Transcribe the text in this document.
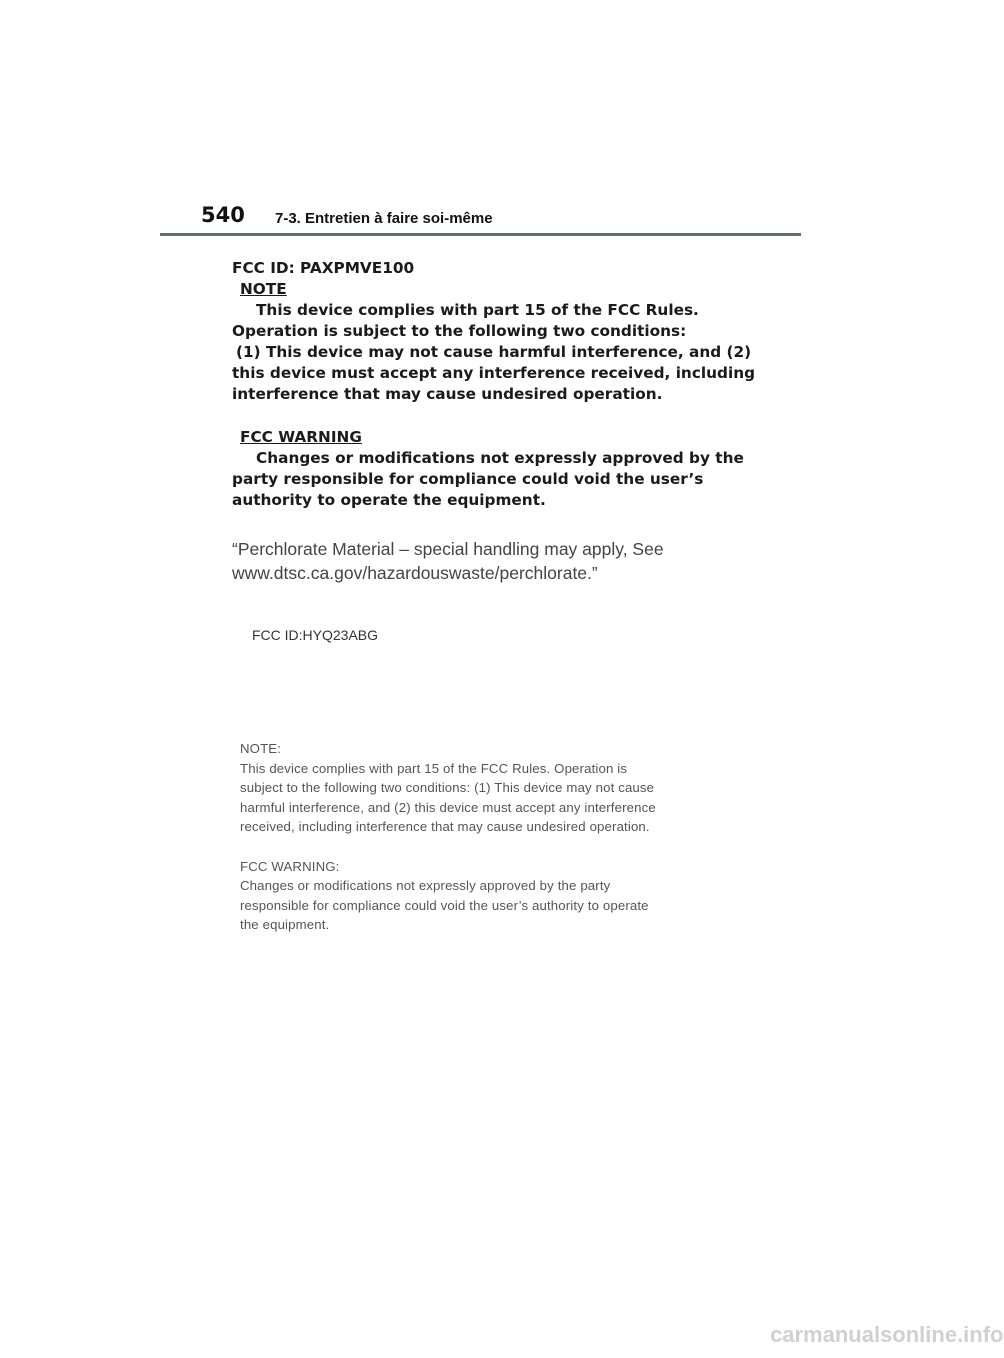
540 7-3. Entretien à faire soi-même
FCC ID: PAXPMVE100
NOTE
This device complies with part 15 of the FCC Rules.
Operation is subject to the following two conditions:
(1) This device may not cause harmful interference, and (2)
this device must accept any interference received, including
interference that may cause undesired operation.
FCC WARNING
Changes or modifications not expressly approved by the
party responsible for compliance could void the user’s
authority to operate the equipment.
“Perchlorate Material – special handling may apply, See
www.dtsc.ca.gov/hazardouswaste/perchlorate.”
FCC ID:HYQ23ABG
NOTE:
This device complies with part 15 of the FCC Rules. Operation is
subject to the following two conditions: (1) This device may not cause
harmful interference, and (2) this device must accept any interference
received, including interference that may cause undesired operation.
FCC WARNING:
Changes or modifications not expressly approved by the party
responsible for compliance could void the user’s authority to operate
the equipment.
carmanualsonline.info
